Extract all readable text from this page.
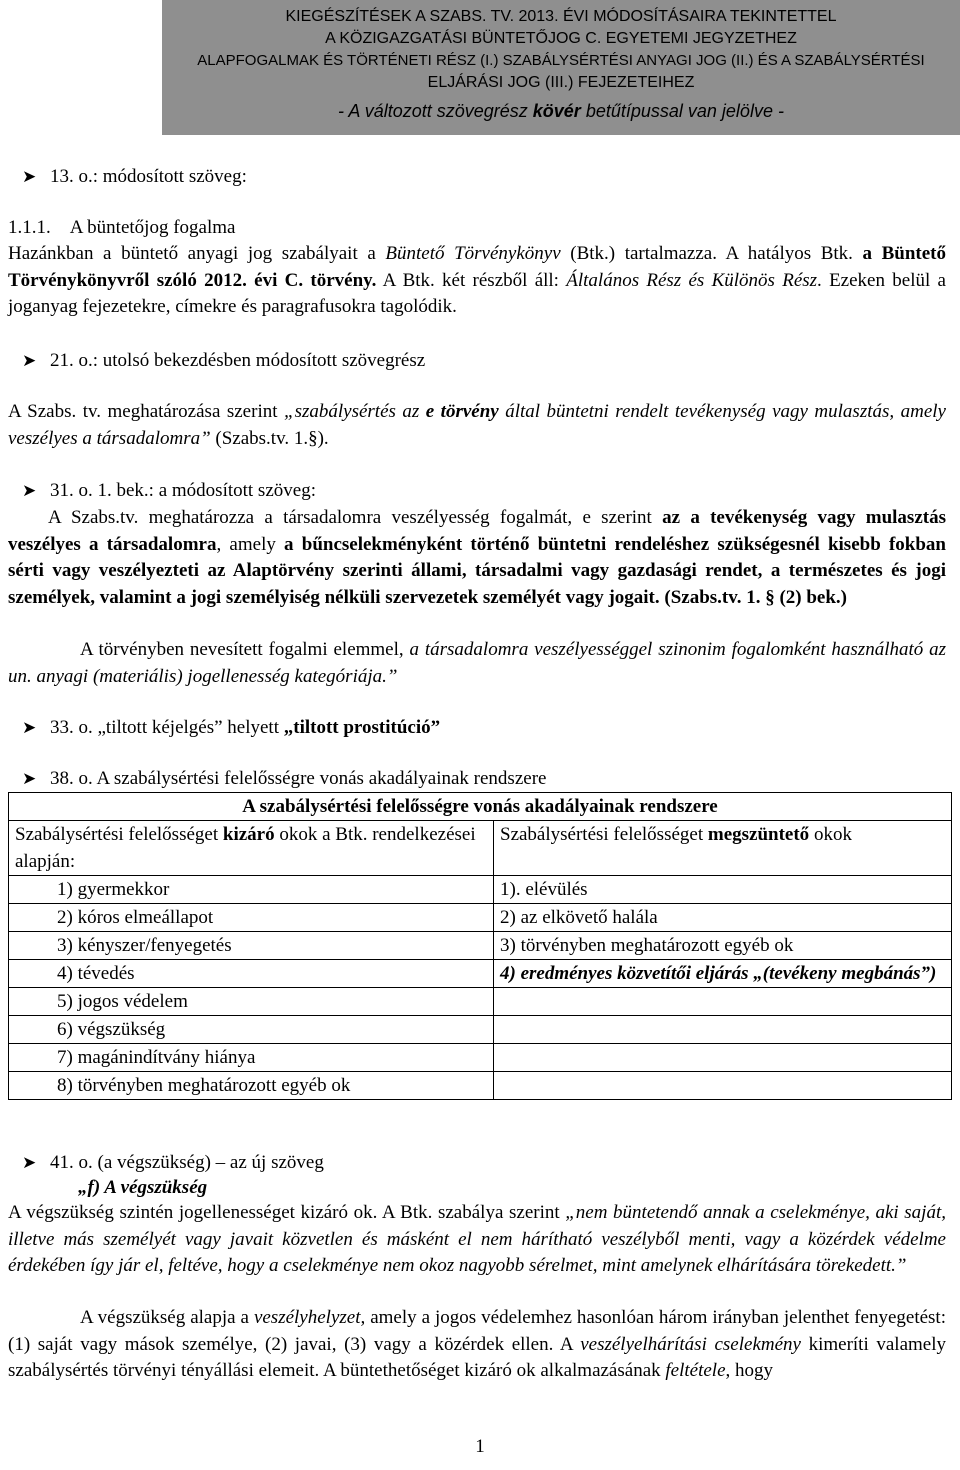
KIEGÉSZÍTÉSEK A SZABS. TV. 2013. ÉVI MÓDOSÍTÁSAIRA TEKINTETTEL
A KÖZIGAZGATÁSI BÜNTETŐJOG C. EGYETEMI JEGYZETHEZ
ALAPFOGALMAK ÉS TÖRTÉNETI RÉSZ (I.) SZABÁLYSÉRTÉSI ANYAGI JOG (II.) ÉS A SZABÁLYSÉRTÉSI
ELJÁRÁSI JOG (III.) FEJEZETEIHEZ
- A változott szövegrész kövér betűtípussal van jelölve -
➤ 13. o.: módosított szöveg:
1.1.1. A büntetőjog fogalma
Hazánkban a büntető anyagi jog szabályait a Büntető Törvénykönyv (Btk.) tartalmazza. A hatályos Btk. a Büntető Törvénykönyvről szóló 2012. évi C. törvény. A Btk. két részből áll: Általános Rész és Különös Rész. Ezeken belül a joganyag fejezetekre, címekre és paragrafusokra tagolódik.
➤ 21. o.: utolsó bekezdésben módosított szövegrész
A Szabs. tv. meghatározása szerint „szabálysértés az e törvény által büntetni rendelt tevékenység vagy mulasztás, amely veszélyes a társadalomra” (Szabs.tv. 1.§).
➤ 31. o. 1. bek.: a módosított szöveg:
A Szabs.tv. meghatározza a társadalomra veszélyesség fogalmát, e szerint az a tevékenység vagy mulasztás veszélyes a társadalomra, amely a bűncselekményként történő büntetni rendeléshez szükségesnél kisebb fokban sérti vagy veszélyezteti az Alaptörvény szerinti állami, társadalmi vagy gazdasági rendet, a természetes és jogi személyek, valamint a jogi személyiség nélküli szervezetek személyét vagy jogait. (Szabs.tv. 1. § (2) bek.)
A törvényben nevesített fogalmi elemmel, a társadalomra veszélyességgel szinonim fogalomként használható az un. anyagi (materiális) jogellenesség kategóriája.”
➤ 33. o. „tiltott kéjelgés” helyett „tiltott prostitúció”
➤ 38. o. A szabálysértési felelősségre vonás akadályainak rendszere
A szabálysértési felelősségre vonás akadályainak rendszere	
Szabálysértési felelősséget kizáró okok a Btk. rendelkezései alapján:	Szabálysértési felelősséget megszüntető okok
1) gyermekkor	1). elévülés
2) kóros elmeállapot	2) az elkövető halála
3) kényszer/fenyegetés	3) törvényben meghatározott egyéb ok
4) tévedés	4) eredményes közvetítői eljárás „(tevékeny megbánás”)
5) jogos védelem	
6) végszükség	
7) magánindítvány hiánya	
8) törvényben meghatározott egyéb ok	
➤ 41. o. (a végszükség) – az új szöveg
„f) A végszükség
A végszükség szintén jogellenességet kizáró ok. A Btk. szabálya szerint „nem büntetendő annak a cselekménye, aki saját, illetve más személyét vagy javait közvetlen és másként el nem hárítható veszélyből menti, vagy a közérdek védelme érdekében így jár el, feltéve, hogy a cselekménye nem okoz nagyobb sérelmet, mint amelynek elhárítására törekedett.”
A végszükség alapja a veszélyhelyzet, amely a jogos védelemhez hasonlóan három irányban jelenthet fenyegetést: (1) saját vagy mások személye, (2) javai, (3) vagy a közérdek ellen. A veszélyelhárítási cselekmény kimeríti valamely szabálysértés törvényi tényállási elemeit. A büntethetőséget kizáró ok alkalmazásának feltétele, hogy
1
